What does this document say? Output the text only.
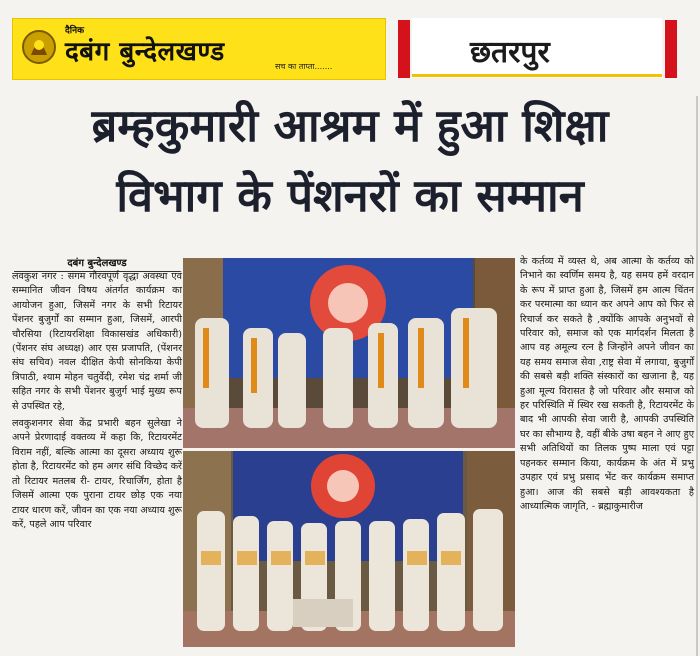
दैनिक
दबंग बुन्देलखण्ड	सच का ताप्ता.......	छतरपुर
ब्रम्हकुमारी आश्रम में हुआ शिक्षा
विभाग के पेंशनरों का सम्मान
दबंग बुन्देलखण्ड

लवकुश नगर : संगम गौरवपूर्ण वृद्धा अवस्था एवं सम्मानित जीवन विषय अंतर्गत कार्यक्रम का आयोजन हुआ, जिसमें नगर के सभी रिटायर पेंशनर बुजुर्गों का सम्मान हुआ, जिसमें, आरपी चौरसिया (रिटायरशिक्षा विकासखंड अधिकारी) (पेंशनर संघ अध्यक्ष) आर एस प्रजापति, (पेंशनर संघ सचिव) नवल दीक्षित केपी सोनकिया केपी त्रिपाठी, श्याम मोहन चतुर्वेदी, रमेश चंद्र शर्मा जी सहित नगर के सभी पेंशनर बुजुर्ग भाई मुख्य रूप से उपस्थित रहे,

लवकुशनगर सेवा केंद्र प्रभारी बहन सुलेखा ने अपने प्रेरणादाई वक्तव्य में कहा कि, रिटायरमेंट विराम नहीं, बल्कि आत्मा का दूसरा अध्याय शुरू होता है, रिटायरमेंट को हम अगर संधि विच्छेद करें तो रिटायर मतलब री- टायर, रिचार्जिंग, होता है जिसमें आत्मा एक पुराना टायर छोड़ एक नया टायर धारण करें, जीवन का एक नया अध्याय शुरू करें, पहले आप परिवार

के कर्तव्य में व्यस्त थे, अब आत्मा के कर्तव्य को निभाने का स्वर्णिम समय है, यह समय हमें वरदान के रूप में प्राप्त हुआ है, जिसमें हम आत्म चिंतन कर परमात्मा का ध्यान कर अपने आप को फिर से रिचार्ज कर सकते है ,क्योंकि आपके अनुभवों से परिवार को, समाज को एक मार्गदर्शन मिलता है आप वह अमूल्य रत्न है जिन्होंने अपने जीवन का यह समय समाज सेवा ,राष्ट्र सेवा में लगाया, बुजुर्गों की सबसे बड़ी शक्ति संस्कारों का खजाना है, यह हुआ मूल्य विरासत है जो परिवार और समाज को हर परिस्थिति में स्थिर रख सकती है, रिटायरमेंट के बाद भी आपकी सेवा जारी है, आपकी उपस्थिति घर का सौभाग्य है, वहीं बीके उषा बहन ने आए हुए सभी अतिथियों का तिलक पुष्प माला एवं पट्टा पहनकर सम्मान किया, कार्यक्रम के अंत में प्रभु उपहार एवं प्रभु प्रसाद भेंट कर कार्यक्रम समाप्त हुआ। आज की सबसे बड़ी आवश्यकता है आध्यात्मिक जागृति, - ब्रह्माकुमारीज
